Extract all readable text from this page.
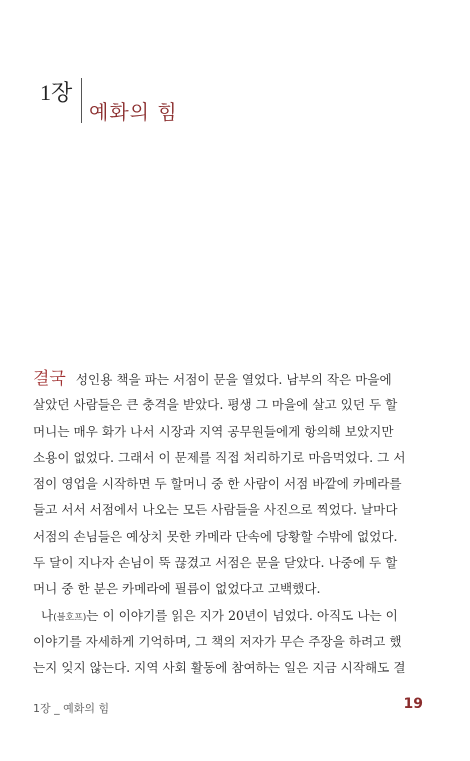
1장
예화의 힘
결국 성인용 책을 파는 서점이 문을 열었다. 남부의 작은 마을에
살았던 사람들은 큰 충격을 받았다. 평생 그 마을에 살고 있던 두 할
머니는 매우 화가 나서 시장과 지역 공무원들에게 항의해 보았지만
소용이 없었다. 그래서 이 문제를 직접 처리하기로 마음먹었다. 그 서
점이 영업을 시작하면 두 할머니 중 한 사람이 서점 바깥에 카메라를
들고 서서 서점에서 나오는 모든 사람들을 사진으로 찍었다. 날마다
서점의 손님들은 예상치 못한 카메라 단속에 당황할 수밖에 없었다.
두 달이 지나자 손님이 뚝 끊겼고 서점은 문을 닫았다. 나중에 두 할
머니 중 한 분은 카메라에 필름이 없었다고 고백했다.
나(블호프)는 이 이야기를 읽은 지가 20년이 넘었다. 아직도 나는 이
이야기를 자세하게 기억하며, 그 책의 저자가 무슨 주장을 하려고 했
는지 잊지 않는다. 지역 사회 활동에 참여하는 일은 지금 시작해도 결
1장 _ 예화의 힘	19
